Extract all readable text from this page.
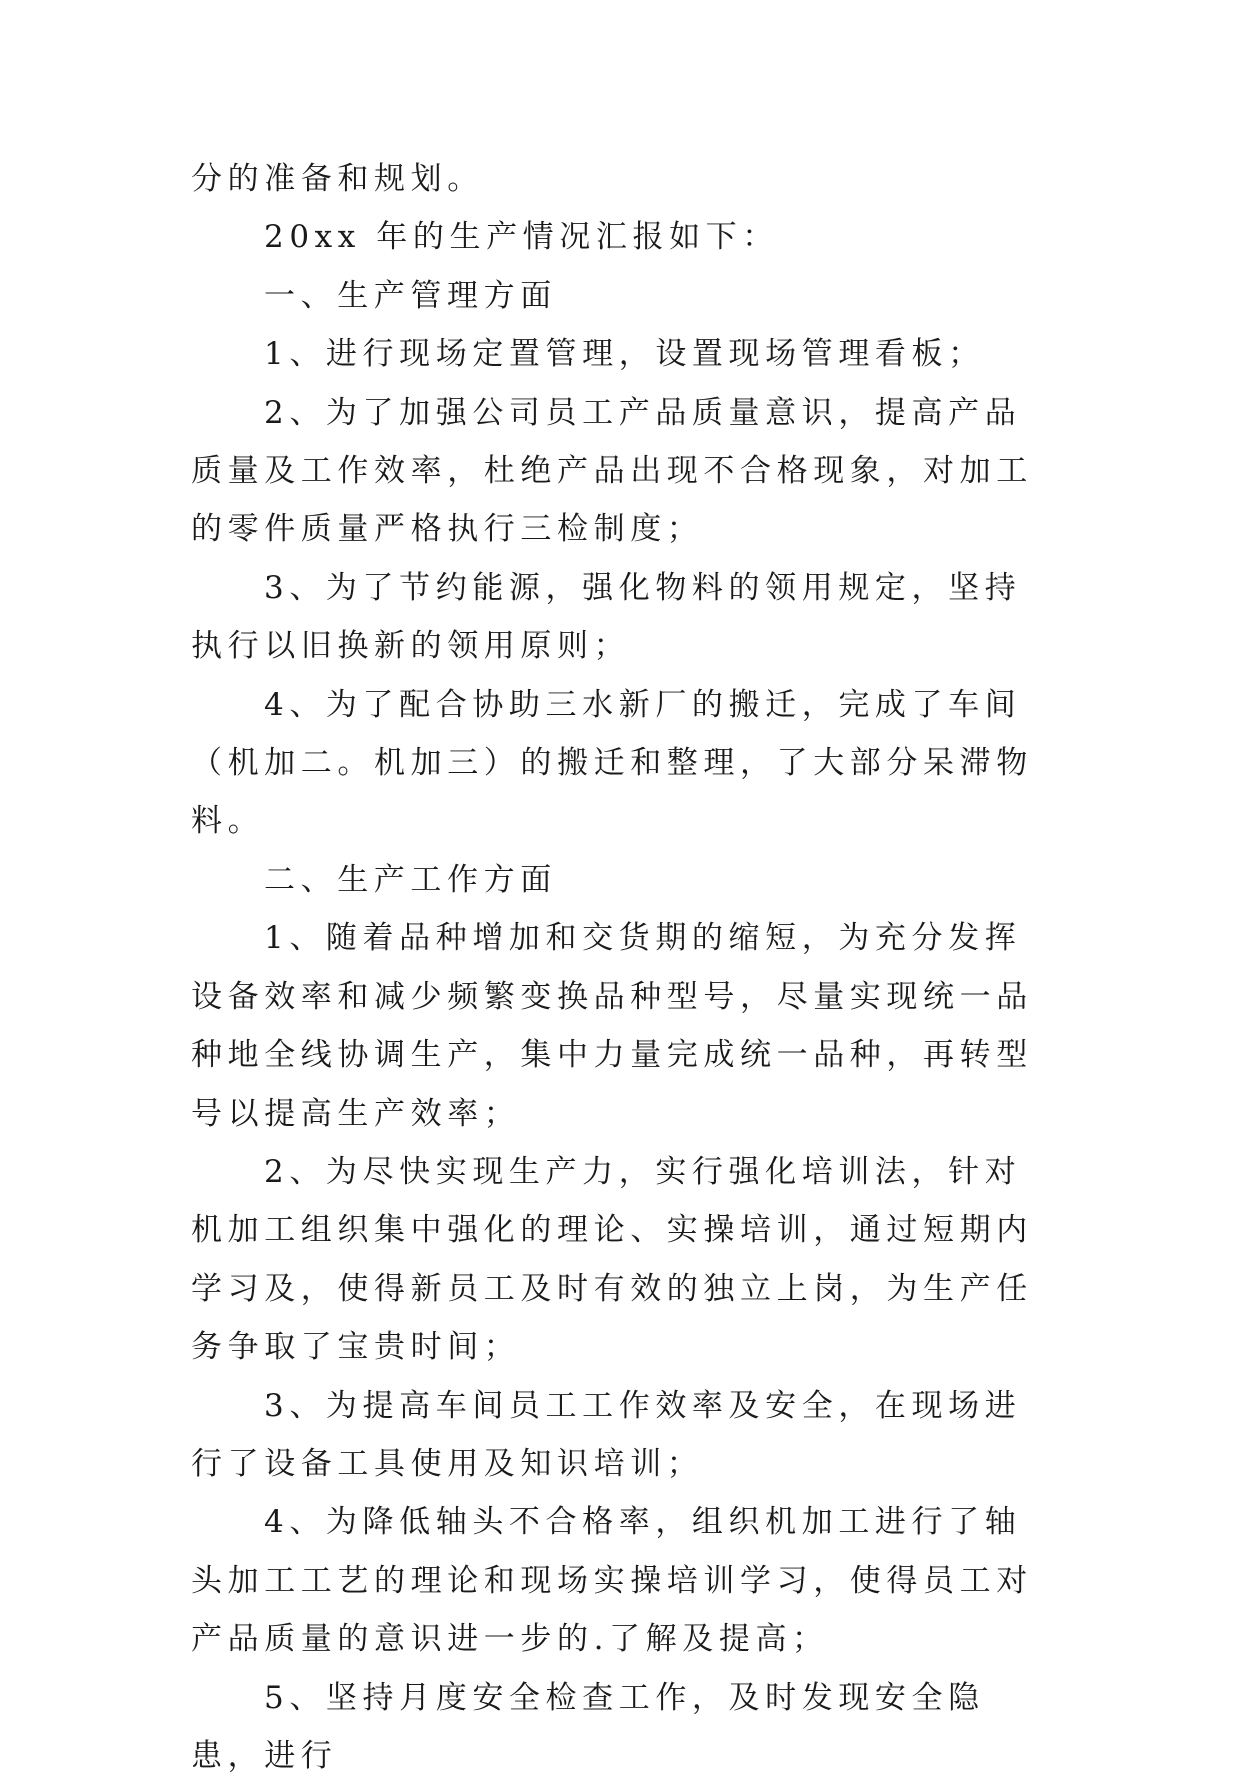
分的准备和规划。

20xx 年的生产情况汇报如下：

一、生产管理方面

1、进行现场定置管理，设置现场管理看板；

2、为了加强公司员工产品质量意识，提高产品质量及工作效率，杜绝产品出现不合格现象，对加工的零件质量严格执行三检制度；

3、为了节约能源，强化物料的领用规定，坚持执行以旧换新的领用原则；

4、为了配合协助三水新厂的搬迁，完成了车间（机加二。机加三）的搬迁和整理，了大部分呆滞物料。

二、生产工作方面

1、随着品种增加和交货期的缩短，为充分发挥设备效率和减少频繁变换品种型号，尽量实现统一品种地全线协调生产，集中力量完成统一品种，再转型号以提高生产效率；

2、为尽快实现生产力，实行强化培训法，针对机加工组织集中强化的理论、实操培训，通过短期内学习及，使得新员工及时有效的独立上岗，为生产任务争取了宝贵时间；

3、为提高车间员工工作效率及安全，在现场进行了设备工具使用及知识培训；

4、为降低轴头不合格率，组织机加工进行了轴头加工工艺的理论和现场实操培训学习，使得员工对产品质量的意识进一步的.了解及提高；

5、坚持月度安全检查工作，及时发现安全隐患，进行
